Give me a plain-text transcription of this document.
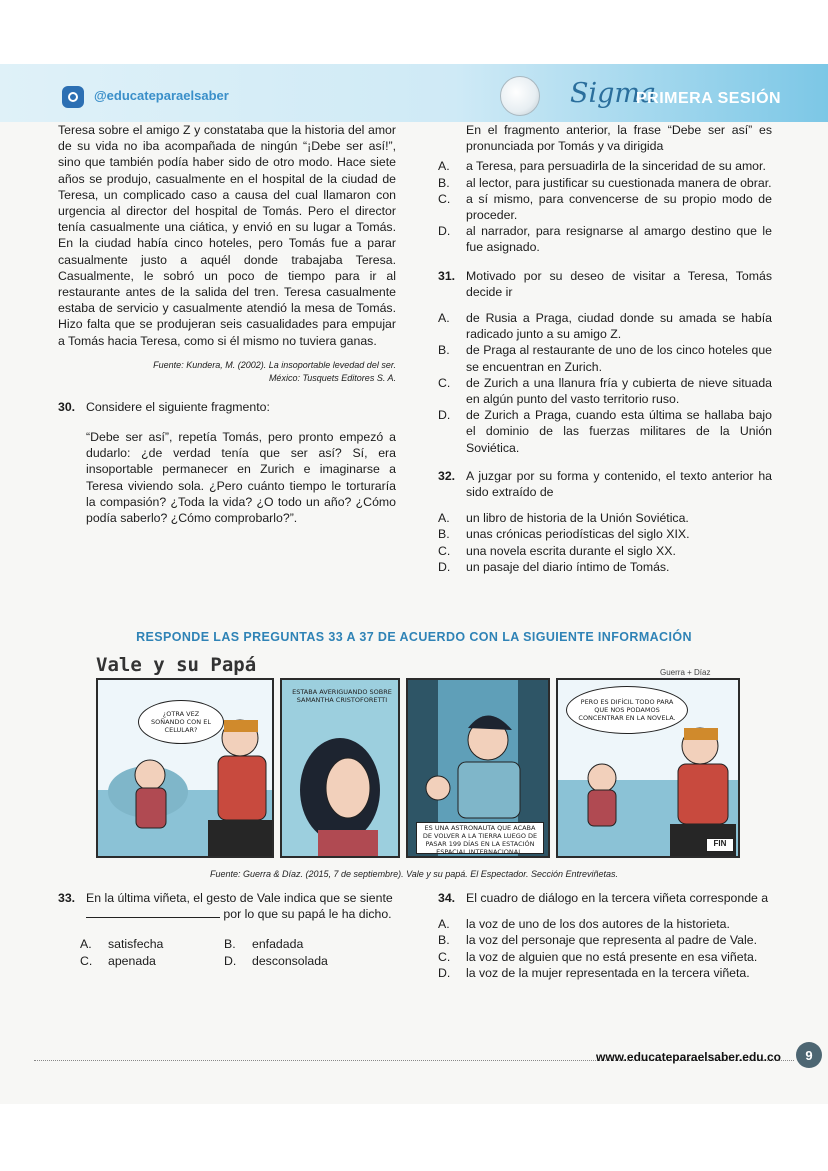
@educateparaelsaber	Sigma
PRIMERA SESIÓN

Teresa sobre el amigo Z y constataba que la historia del amor de su vida no iba acompañada de ningún “¡Debe ser así!”, sino que también podía haber sido de otro modo. Hace siete años se produjo, casualmente en el hospital de la ciudad de Teresa, un complicado caso a causa del cual llamaron con urgencia al director del hospital de Tomás. Pero el director tenía casualmente una ciática, y envió en su lugar a Tomás. En la ciudad había cinco hoteles, pero Tomás fue a parar casualmente justo a aquél donde trabajaba Teresa. Casualmente, le sobró un poco de tiempo para ir al restaurante antes de la salida del tren. Teresa casualmente estaba de servicio y casualmente atendió la mesa de Tomás. Hizo falta que se produjeran seis casualidades para empujar a Tomás hacia Teresa, como si él mismo no tuviera ganas.

Fuente: Kundera, M. (2002). La insoportable levedad del ser.

México: Tusquets Editores S. A.

30. Considere el siguiente fragmento:

“Debe ser así”, repetía Tomás, pero pronto empezó a dudarlo: ¿de verdad tenía que ser así? Sí, era insoportable permanecer en Zurich e imaginarse a Teresa viviendo sola. ¿Pero cuánto tiempo le torturaría la compasión? ¿Toda la vida? ¿O todo un año? ¿Cómo podía saberlo? ¿Cómo comprobarlo?”.

En el fragmento anterior, la frase “Debe ser así” es pronunciada por Tomás y va dirigida

A. a Teresa, para persuadirla de la sinceridad de su amor.

B. al lector, para justificar su cuestionada manera de obrar.

C. a sí mismo, para convencerse de su propio modo de proceder.

D. al narrador, para resignarse al amargo destino que le fue asignado.

31. Motivado por su deseo de visitar a Teresa, Tomás decide ir

A. de Rusia a Praga, ciudad donde su amada se había radicado junto a su amigo Z.

B. de Praga al restaurante de uno de los cinco hoteles que se encuentran en Zurich.

C. de Zurich a una llanura fría y cubierta de nieve situada en algún punto del vasto territorio ruso.

D. de Zurich a Praga, cuando esta última se hallaba bajo el dominio de las fuerzas militares de la Unión Soviética.

32. A juzgar por su forma y contenido, el texto anterior ha sido extraído de

A. un libro de historia de la Unión Soviética.

B. unas crónicas periodísticas del siglo XIX.

C. una novela escrita durante el siglo XX.

D. un pasaje del diario íntimo de Tomás.

RESPONDE LAS PREGUNTAS 33 A 37 DE ACUERDO CON LA SIGUIENTE INFORMACIÓN
Vale y su Papá	Guerra + Díaz
¿OTRA VEZ SOÑANDO CON EL CELULAR?
ESTABA AVERIGUANDO SOBRE SAMANTHA CRISTOFORETTI
ES UNA ASTRONAUTA QUE ACABA DE VOLVER A LA TIERRA LUEGO DE PASAR 199 DÍAS EN LA ESTACIÓN ESPACIAL INTERNACIONAL.
PERO ES DIFÍCIL TODO PARA QUE NOS PODAMOS CONCENTRAR EN LA NOVELA.
FIN
Fuente: Guerra & Díaz. (2015, 7 de septiembre). Vale y su papá. El Espectador. Sección Entreviñetas.
33. En la última viñeta, el gesto de Vale indica que se siente  por lo que su papá le ha dicho.

A. satisfecha	B. enfadada
C. apenada	D. desconsolada
34. El cuadro de diálogo en la tercera viñeta corresponde a

A. la voz de uno de los dos autores de la historieta.

B. la voz del personaje que representa al padre de Vale.

C. la voz de alguien que no está presente en esa viñeta.

D. la voz de la mujer representada en la tercera viñeta.

www.educateparaelsaber.edu.co	9
